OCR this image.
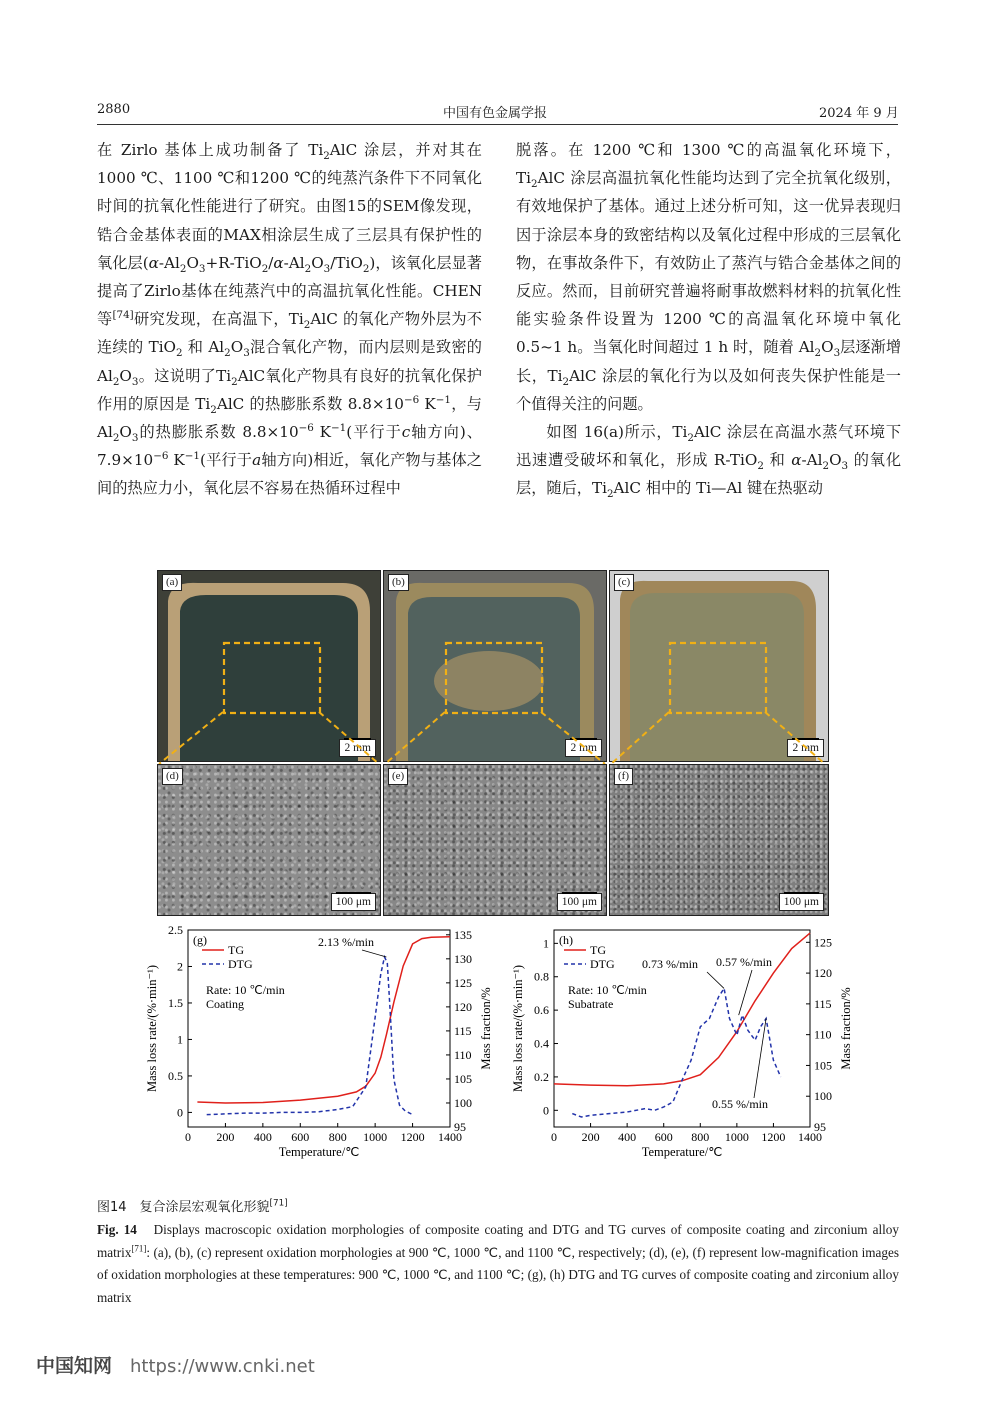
2880	中国有色金属学报	2024 年 9 月

在 Zirlo 基体上成功制备了 $Ti_2AlC$ 涂层，并对其在 1000 ℃、1100 ℃和1200 ℃的纯蒸汽条件下不同氧化时间的抗氧化性能进行了研究。由图15的SEM像发现，锆合金基体表面的MAX相涂层生成了三层具有保护性的氧化层$(\alpha-Al_2O_3+R-TiO_2/\alpha-Al_2O_3/TiO_2)$，该氧化层显著提高了Zirlo基体在纯蒸汽中的高温抗氧化性能。CHEN 等[74]研究发现，在高温下，$Ti_2AlC$ 的氧化产物外层为不连续的 TiO$_2$ 和 $Al_2O_3$混合氧化产物，而内层则是致密的$Al_2O_3$。这说明了$Ti_2AlC$氧化产物具有良好的抗氧化保护作用的原因是 $Ti_2AlC$ 的热膨胀系数 $8.8\times 10^{-6}$ $K^{-1}$，与 $Al_2O_3$的热膨胀系数 $8.8\times 10^{-6}$ $K^{-1}$(平行于c轴方向)、$7.9\times 10^{-6}$ $K^{-1}$(平行于a轴方向)相近，氧化产物与基体之间的热应力小，氧化层不容易在热循环过程中

脱落。在 1200 ℃和 1300 ℃的高温氧化环境下，$Ti_2AlC$ 涂层高温抗氧化性能均达到了完全抗氧化级别，有效地保护了基体。通过上述分析可知，这一优异表现归因于涂层本身的致密结构以及氧化过程中形成的三层氧化物，在事故条件下，有效防止了蒸汽与锆合金基体之间的反应。然而，目前研究普遍将耐事故燃料材料的抗氧化性能实验条件设置为 1200 ℃的高温氧化环境中氧化 0.5~1 h。当氧化时间超过 1 h 时，随着 $Al_2O_3$层逐渐增长，$Ti_2AlC$ 涂层的氧化行为以及如何丧失保护性能是一个值得关注的问题。

如图 16(a)所示，$Ti_2AlC$ 涂层在高温水蒸气环境下迅速遭受破坏和氧化，形成 R-TiO$_2$ 和 $\alpha-Al_2O_3$ 的氧化层，随后，$Ti_2AlC$ 相中的 Ti—Al 键在热驱动

(a)
2 mm
(b)
2 mm
(c)
2 mm
(d)
100 μm
(e)
100 μm
(f)
100 μm
0 200 400 600 800 1000 1200 1400
0
0.5
1
1.5
2
2.5
95
100
105
110
115
120
125
130
135
Temperature/℃
Mass loss rate/(%·min⁻¹)	Mass fraction/%
(g)
TG
DTG
Rate: 10 ℃/min
Coating
2.13 %/min
0 200 400 600 800 1000 1200 1400
0
0.2
0.4
0.6
0.8
1
95
100
105
110
115
120
125
Temperature/℃
Mass loss rate/(%·min⁻¹)	Mass fraction/%
(h)
TG
DTG
Rate: 10 ℃/min
Subatrate
0.73 %/min 0.57 %/min
0.55 %/min
图14　复合涂层宏观氧化形貌[71]
Fig. 14　Displays macroscopic oxidation morphologies of composite coating and DTG and TG curves of composite coating and zirconium alloy matrix[71]: (a), (b), (c) represent oxidation morphologies at 900 ℃, 1000 ℃, and 1100 ℃, respectively; (d), (e), (f) represent low-magnification images of oxidation morphologies at these temperatures: 900 ℃, 1000 ℃, and 1100 ℃; (g), (h) DTG and TG curves of composite coating and zirconium alloy matrix
中国知网 https://www.cnki.net
